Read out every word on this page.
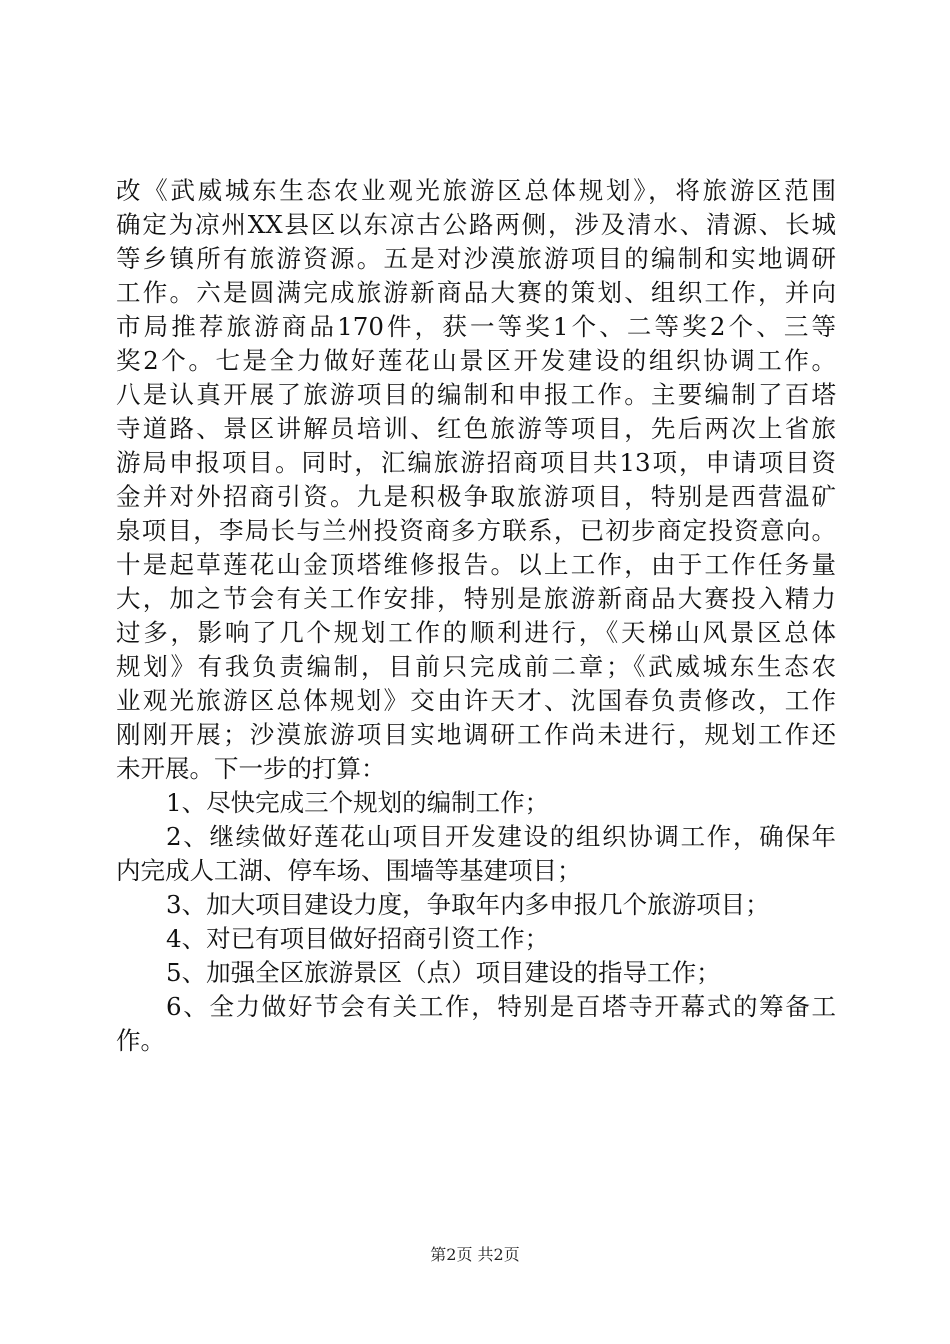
改《武威城东生态农业观光旅游区总体规划》，将旅游区范围
确定为凉州XX县区以东凉古公路两侧，涉及清水、清源、长城
等乡镇所有旅游资源。五是对沙漠旅游项目的编制和实地调研
工作。六是圆满完成旅游新商品大赛的策划、组织工作，并向
市局推荐旅游商品170件，获一等奖1个、二等奖2个、三等
奖2个。七是全力做好莲花山景区开发建设的组织协调工作。
八是认真开展了旅游项目的编制和申报工作。主要编制了百塔
寺道路、景区讲解员培训、红色旅游等项目，先后两次上省旅
游局申报项目。同时，汇编旅游招商项目共13项，申请项目资
金并对外招商引资。九是积极争取旅游项目，特别是西营温矿
泉项目，李局长与兰州投资商多方联系，已初步商定投资意向。
十是起草莲花山金顶塔维修报告。以上工作，由于工作任务量
大，加之节会有关工作安排，特别是旅游新商品大赛投入精力
过多，影响了几个规划工作的顺利进行，《天梯山风景区总体
规划》有我负责编制，目前只完成前二章；《武威城东生态农
业观光旅游区总体规划》交由许天才、沈国春负责修改，工作
刚刚开展；沙漠旅游项目实地调研工作尚未进行，规划工作还
未开展。下一步的打算：
1、尽快完成三个规划的编制工作；
2、继续做好莲花山项目开发建设的组织协调工作，确保年
内完成人工湖、停车场、围墙等基建项目；
3、加大项目建设力度，争取年内多申报几个旅游项目；
4、对已有项目做好招商引资工作；
5、加强全区旅游景区（点）项目建设的指导工作；
6、全力做好节会有关工作，特别是百塔寺开幕式的筹备工
作。
第2页 共2页
